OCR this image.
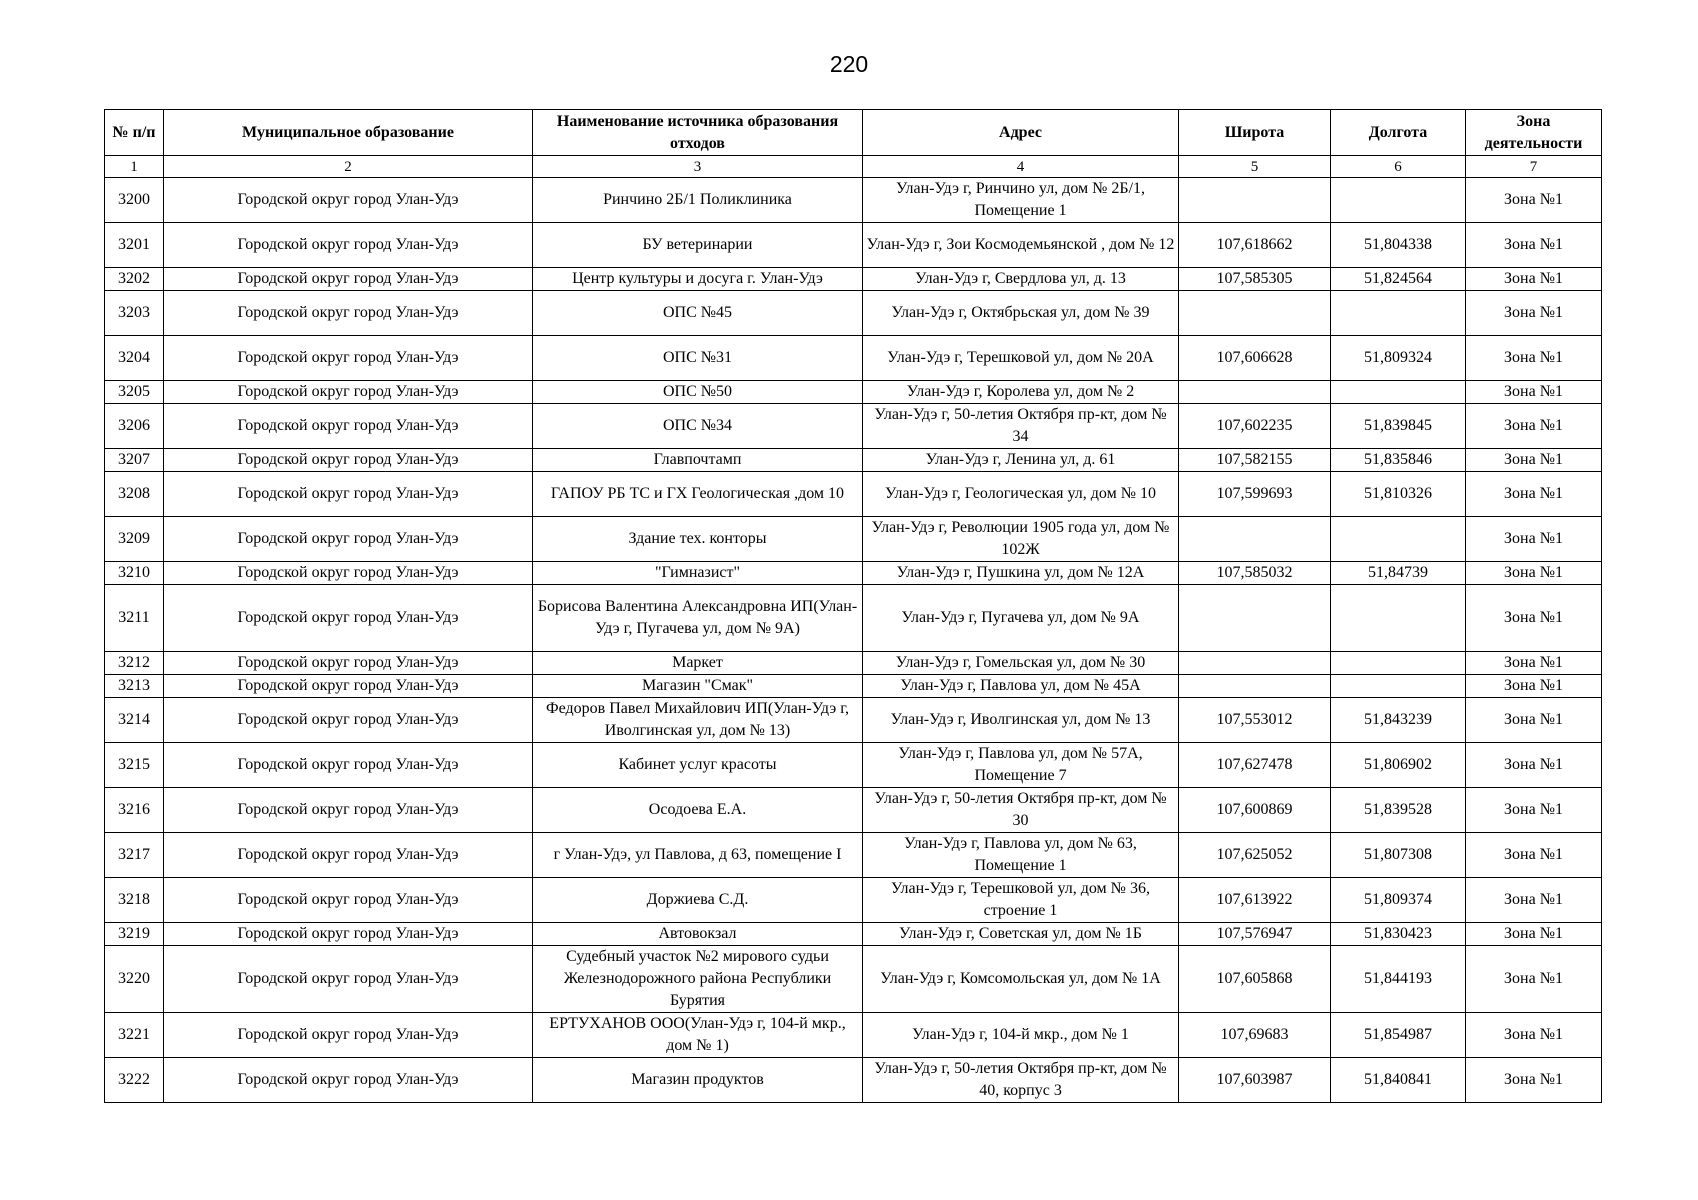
220
№ п/п	Муниципальное образование	Наименование источника образования отходов	Адрес	Широта	Долгота	Зона деятельности
1	2	3	4	5	6	7
3200	Городской округ город Улан-Удэ	Ринчино 2Б/1 Поликлиника	Улан-Удэ г, Ринчино ул, дом № 2Б/1, Помещение 1			Зона №1
3201	Городской округ город Улан-Удэ	БУ ветеринарии	Улан-Удэ г, Зои Космодемьянской , дом № 12	107,618662	51,804338	Зона №1
3202	Городской округ город Улан-Удэ	Центр культуры и досуга г. Улан-Удэ	Улан-Удэ г, Свердлова ул, д. 13	107,585305	51,824564	Зона №1
3203	Городской округ город Улан-Удэ	ОПС №45	Улан-Удэ г, Октябрьская ул, дом № 39			Зона №1
3204	Городской округ город Улан-Удэ	ОПС №31	Улан-Удэ г, Терешковой ул, дом № 20А	107,606628	51,809324	Зона №1
3205	Городской округ город Улан-Удэ	ОПС №50	Улан-Удэ г, Королева ул, дом № 2			Зона №1
3206	Городской округ город Улан-Удэ	ОПС №34	Улан-Удэ г, 50-летия Октября пр-кт, дом № 34	107,602235	51,839845	Зона №1
3207	Городской округ город Улан-Удэ	Главпочтамп	Улан-Удэ г, Ленина ул, д. 61	107,582155	51,835846	Зона №1
3208	Городской округ город Улан-Удэ	ГАПОУ РБ ТС и ГХ Геологическая ,дом 10	Улан-Удэ г, Геологическая ул, дом № 10	107,599693	51,810326	Зона №1
3209	Городской округ город Улан-Удэ	Здание тех. конторы	Улан-Удэ г, Революции 1905 года ул, дом № 102Ж			Зона №1
3210	Городской округ город Улан-Удэ	"Гимназист"	Улан-Удэ г, Пушкина ул, дом № 12А	107,585032	51,84739	Зона №1
3211	Городской округ город Улан-Удэ	Борисова Валентина Александровна ИП(Улан-Удэ г, Пугачева ул, дом № 9А)	Улан-Удэ г, Пугачева ул, дом № 9А			Зона №1
3212	Городской округ город Улан-Удэ	Маркет	Улан-Удэ г, Гомельская ул, дом № 30			Зона №1
3213	Городской округ город Улан-Удэ	Магазин "Смак"	Улан-Удэ г, Павлова ул, дом № 45А			Зона №1
3214	Городской округ город Улан-Удэ	Федоров Павел Михайлович ИП(Улан-Удэ г, Иволгинская ул, дом № 13)	Улан-Удэ г, Иволгинская ул, дом № 13	107,553012	51,843239	Зона №1
3215	Городской округ город Улан-Удэ	Кабинет услуг красоты	Улан-Удэ г, Павлова ул, дом № 57А, Помещение 7	107,627478	51,806902	Зона №1
3216	Городской округ город Улан-Удэ	Осодоева Е.А.	Улан-Удэ г, 50-летия Октября пр-кт, дом № 30	107,600869	51,839528	Зона №1
3217	Городской округ город Улан-Удэ	г Улан-Удэ, ул Павлова, д 63, помещение I	Улан-Удэ г, Павлова ул, дом № 63, Помещение 1	107,625052	51,807308	Зона №1
3218	Городской округ город Улан-Удэ	Доржиева С.Д.	Улан-Удэ г, Терешковой ул, дом № 36, строение 1	107,613922	51,809374	Зона №1
3219	Городской округ город Улан-Удэ	Автовокзал	Улан-Удэ г, Советская ул, дом № 1Б	107,576947	51,830423	Зона №1
3220	Городской округ город Улан-Удэ	Судебный участок №2 мирового судьи Железнодорожного района Республики Бурятия	Улан-Удэ г, Комсомольская ул, дом № 1А	107,605868	51,844193	Зона №1
3221	Городской округ город Улан-Удэ	ЕРТУХАНОВ ООО(Улан-Удэ г, 104-й мкр., дом № 1)	Улан-Удэ г, 104-й мкр., дом № 1	107,69683	51,854987	Зона №1
3222	Городской округ город Улан-Удэ	Магазин продуктов	Улан-Удэ г, 50-летия Октября пр-кт, дом № 40, корпус 3	107,603987	51,840841	Зона №1
